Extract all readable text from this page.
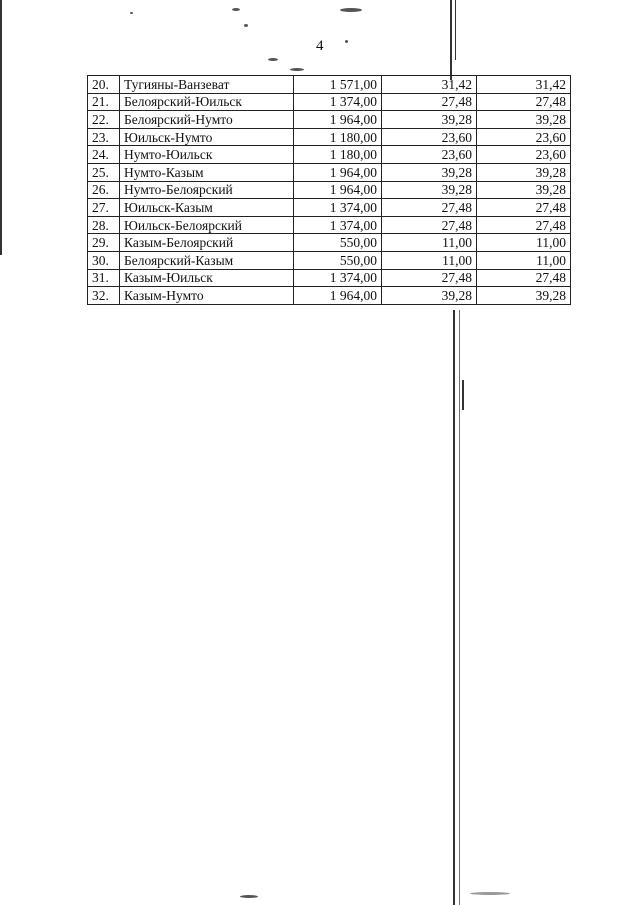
4
20.	Тугияны-Ванзеват	1 571,00	31,42	31,42
21.	Белоярский-Юильск	1 374,00	27,48	27,48
22.	Белоярский-Нумто	1 964,00	39,28	39,28
23.	Юильск-Нумто	1 180,00	23,60	23,60
24.	Нумто-Юильск	1 180,00	23,60	23,60
25.	Нумто-Казым	1 964,00	39,28	39,28
26.	Нумто-Белоярский	1 964,00	39,28	39,28
27.	Юильск-Казым	1 374,00	27,48	27,48
28.	Юильск-Белоярский	1 374,00	27,48	27,48
29.	Казым-Белоярский	550,00	11,00	11,00
30.	Белоярский-Казым	550,00	11,00	11,00
31.	Казым-Юильск	1 374,00	27,48	27,48
32.	Казым-Нумто	1 964,00	39,28	39,28
